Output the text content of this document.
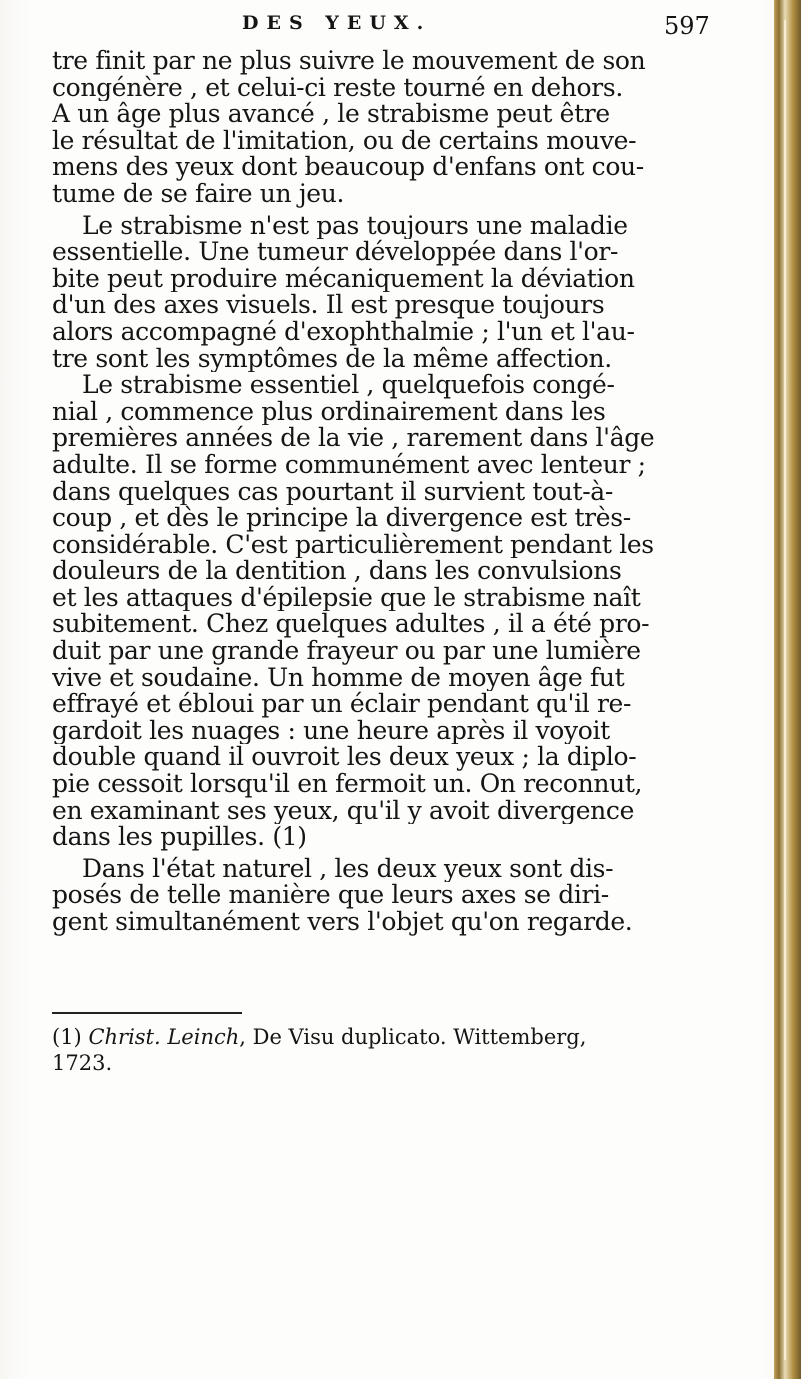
DES YEUX.	597
tre finit par ne plus suivre le mouvement de son
congénère , et celui-ci reste tourné en dehors.
A un âge plus avancé , le strabisme peut être
le résultat de l'imitation, ou de certains mouve-
mens des yeux dont beaucoup d'enfans ont cou-
tume de se faire un jeu.
Le strabisme n'est pas toujours une maladie
essentielle. Une tumeur développée dans l'or-
bite peut produire mécaniquement la déviation
d'un des axes visuels. Il est presque toujours
alors accompagné d'exophthalmie ; l'un et l'au-
tre sont les symptômes de la même affection.
Le strabisme essentiel , quelquefois congé-
nial , commence plus ordinairement dans les
premières années de la vie , rarement dans l'âge
adulte. Il se forme communément avec lenteur ;
dans quelques cas pourtant il survient tout-à-
coup , et dès le principe la divergence est très-
considérable. C'est particulièrement pendant les
douleurs de la dentition , dans les convulsions
et les attaques d'épilepsie que le strabisme naît
subitement. Chez quelques adultes , il a été pro-
duit par une grande frayeur ou par une lumière
vive et soudaine. Un homme de moyen âge fut
effrayé et ébloui par un éclair pendant qu'il re-
gardoit les nuages : une heure après il voyoit
double quand il ouvroit les deux yeux ; la diplo-
pie cessoit lorsqu'il en fermoit un. On reconnut,
en examinant ses yeux, qu'il y avoit divergence
dans les pupilles. (1)
Dans l'état naturel , les deux yeux sont dis-
posés de telle manière que leurs axes se diri-
gent simultanément vers l'objet qu'on regarde.
(1) Christ. Leinch, De Visu duplicato. Wittemberg,
1723.
